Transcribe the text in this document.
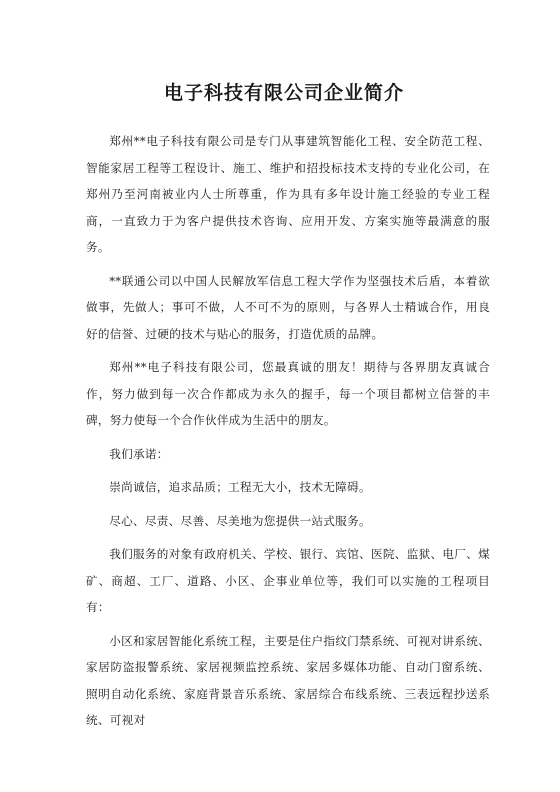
电子科技有限公司企业简介

郑州**电子科技有限公司是专门从事建筑智能化工程、安全防范工程、智能家居工程等工程设计、施工、维护和招投标技术支持的专业化公司，在郑州乃至河南被业内人士所尊重，作为具有多年设计施工经验的专业工程商，一直致力于为客户提供技术咨询、应用开发、方案实施等最满意的服务。

**联通公司以中国人民解放军信息工程大学作为坚强技术后盾，本着欲做事，先做人；事可不做，人不可不为的原则，与各界人士精诚合作，用良好的信誉、过硬的技术与贴心的服务，打造优质的品牌。

郑州**电子科技有限公司，您最真诚的朋友！期待与各界朋友真诚合作，努力做到每一次合作都成为永久的握手，每一个项目都树立信誉的丰碑，努力使每一个合作伙伴成为生活中的朋友。

我们承诺：

崇尚诚信，追求品质；工程无大小，技术无障碍。

尽心、尽责、尽善、尽美地为您提供一站式服务。

我们服务的对象有政府机关、学校、银行、宾馆、医院、监狱、电厂、煤矿、商超、工厂、道路、小区、企事业单位等，我们可以实施的工程项目有：

小区和家居智能化系统工程，主要是住户指纹门禁系统、可视对讲系统、家居防盗报警系统、家居视频监控系统、家居多媒体功能、自动门窗系统、照明自动化系统、家庭背景音乐系统、家居综合布线系统、三表远程抄送系统、可视对
